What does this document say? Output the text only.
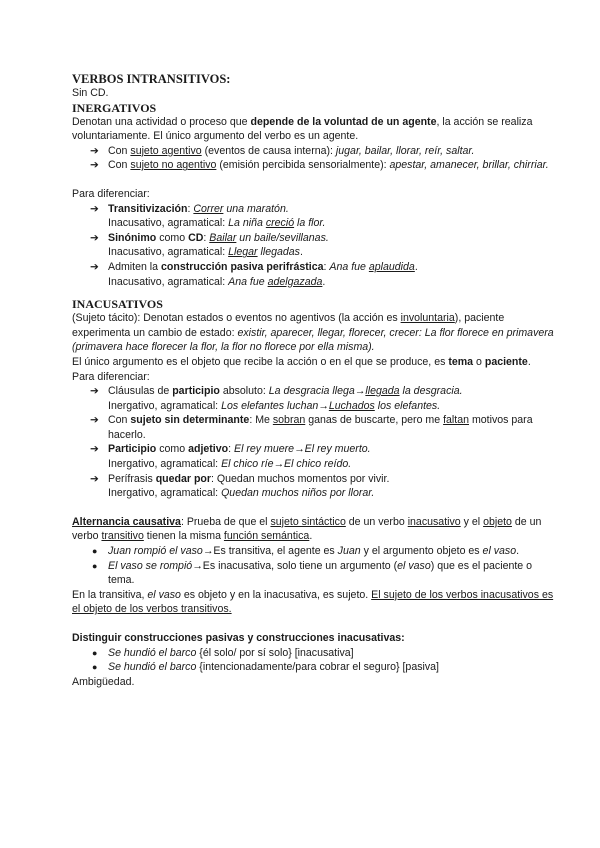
VERBOS INTRANSITIVOS:

Sin CD.

INERGATIVOS

Denotan una actividad o proceso que depende de la voluntad de un agente, la acción se realiza voluntariamente. El único argumento del verbo es un agente.

➔ Con sujeto agentivo (eventos de causa interna): jugar, bailar, llorar, reír, saltar.
➔ Con sujeto no agentivo (emisión percibida sensorialmente): apestar, amanecer, brillar, chirriar.

Para diferenciar:

➔ Transitivización: Correr una maratón.
Inacusativo, agramatical: La niña creció la flor.
➔ Sinónimo como CD: Bailar un baile/sevillanas.
Inacusativo, agramatical: Llegar llegadas.
➔ Admiten la construcción pasiva perifrástica: Ana fue aplaudida.
Inacusativo, agramatical: Ana fue adelgazada.
INACUSATIVOS

(Sujeto tácito): Denotan estados o eventos no agentivos (la acción es involuntaria), paciente experimenta un cambio de estado: existir, aparecer, llegar, florecer, crecer: La flor florece en primavera (primavera hace florecer la flor, la flor no florece por ella misma).

El único argumento es el objeto que recibe la acción o en el que se produce, es tema o paciente.

Para diferenciar:

➔ Cláusulas de participio absoluto: La desgracia llega→llegada la desgracia.
Inergativo, agramatical: Los elefantes luchan→Luchados los elefantes.
➔ Con sujeto sin determinante: Me sobran ganas de buscarte, pero me faltan motivos para hacerlo.
➔ Participio como adjetivo: El rey muere→El rey muerto.
Inergativo, agramatical: El chico ríe→El chico reído.
➔ Perífrasis quedar por: Quedan muchos momentos por vivir.
Inergativo, agramatical: Quedan muchos niños por llorar.

Alternancia causativa: Prueba de que el sujeto sintáctico de un verbo inacusativo y el objeto de un verbo transitivo tienen la misma función semántica.

● Juan rompió el vaso→Es transitiva, el agente es Juan y el argumento objeto es el vaso.
● El vaso se rompió→Es inacusativa, solo tiene un argumento (el vaso) que es el paciente o tema.

En la transitiva, el vaso es objeto y en la inacusativa, es sujeto. El sujeto de los verbos inacusativos es el objeto de los verbos transitivos.

Distinguir construcciones pasivas y construcciones inacusativas:

● Se hundió el barco {él solo/ por sí solo} [inacusativa]
● Se hundió el barco {intencionadamente/para cobrar el seguro} [pasiva]

Ambigüedad.
